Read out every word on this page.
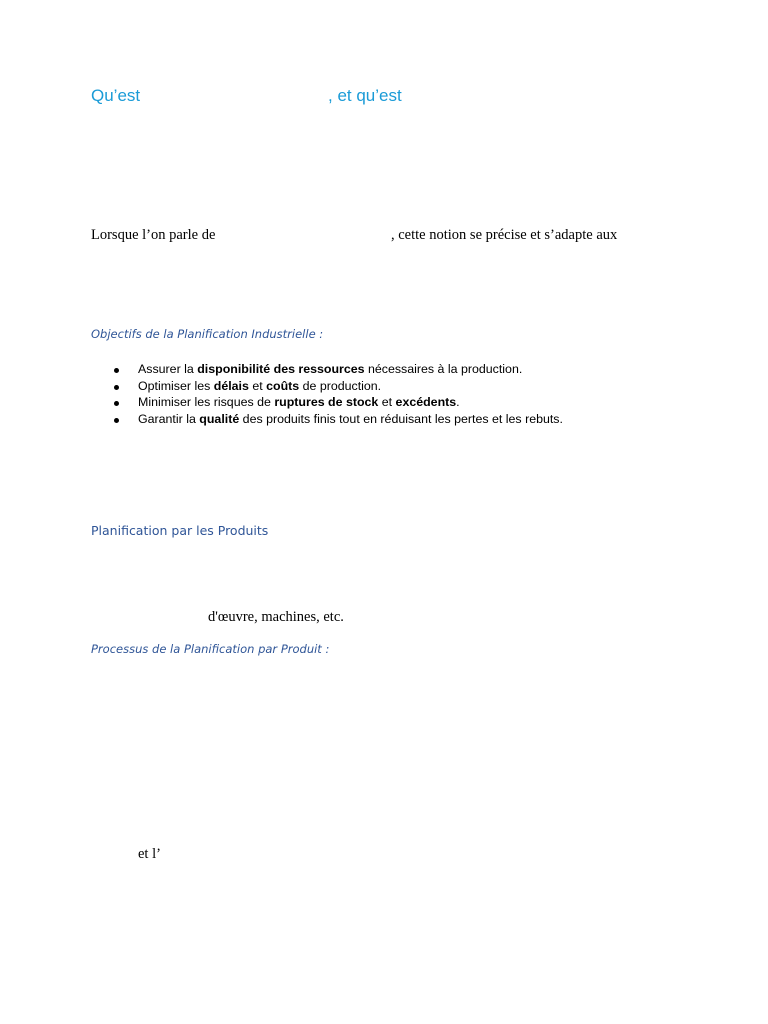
Qu’est	, et qu’est
Lorsque l’on parle de	, cette notion se précise et s’adapte aux
Objectifs de la Planification Industrielle :
Assurer la disponibilité des ressources nécessaires à la production.
Optimiser les délais et coûts de production.
Minimiser les risques de ruptures de stock et excédents.
Garantir la qualité des produits finis tout en réduisant les pertes et les rebuts.
Planification par les Produits
d'œuvre, machines, etc.
Processus de la Planification par Produit :
et l’
